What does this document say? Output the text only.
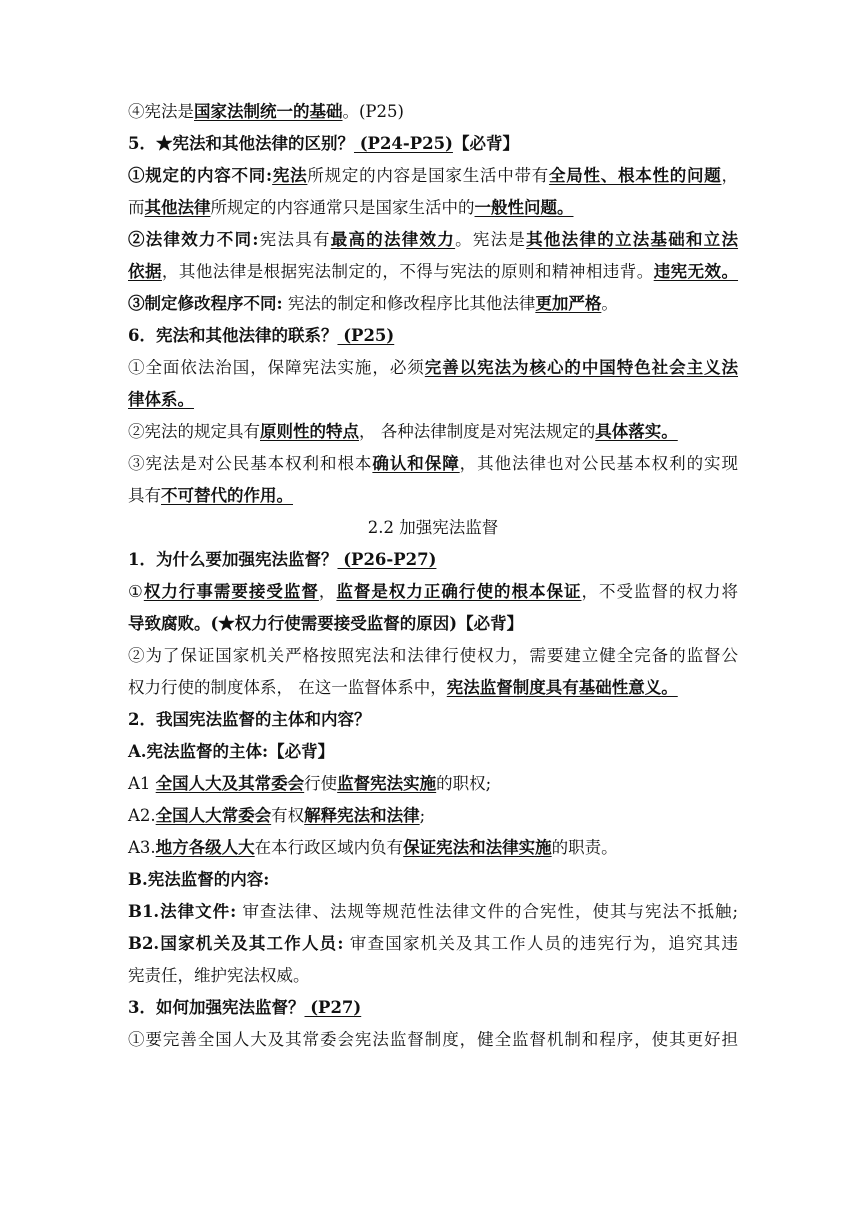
④宪法是国家法制统一的基础。(P25)
5．★宪法和其他法律的区别？ (P24-P25)【必背】
①规定的内容不同:宪法所规定的内容是国家生活中带有全局性、根本性的问题，
而其他法律所规定的内容通常只是国家生活中的一般性问题。
②法律效力不同:宪法具有最高的法律效力。宪法是其他法律的立法基础和立法
依据，其他法律是根据宪法制定的，不得与宪法的原则和精神相违背。违宪无效。
③制定修改程序不同: 宪法的制定和修改程序比其他法律更加严格。
6．宪法和其他法律的联系？ (P25)
①全面依法治国，保障宪法实施，必须完善以宪法为核心的中国特色社会主义法
律体系。
②宪法的规定具有原则性的特点， 各种法律制度是对宪法规定的具体落实。
③宪法是对公民基本权利和根本确认和保障，其他法律也对公民基本权利的实现
具有不可替代的作用。
2.2 加强宪法监督
1．为什么要加强宪法监督？ (P26-P27)
①权力行事需要接受监督，监督是权力正确行使的根本保证，不受监督的权力将
导致腐败。(★权力行使需要接受监督的原因)【必背】
②为了保证国家机关严格按照宪法和法律行使权力，需要建立健全完备的监督公
权力行使的制度体系， 在这一监督体系中，宪法监督制度具有基础性意义。
2．我国宪法监督的主体和内容？
A.宪法监督的主体:【必背】
A1 全国人大及其常委会行使监督宪法实施的职权;
A2.全国人大常委会有权解释宪法和法律;
A3.地方各级人大在本行政区域内负有保证宪法和法律实施的职责。
B.宪法监督的内容:
B1.法律文件: 审查法律、法规等规范性法律文件的合宪性，使其与宪法不抵触;
B2.国家机关及其工作人员: 审查国家机关及其工作人员的违宪行为，追究其违
宪责任，维护宪法权威。
3．如何加强宪法监督？ (P27)
①要完善全国人大及其常委会宪法监督制度，健全监督机制和程序，使其更好担
